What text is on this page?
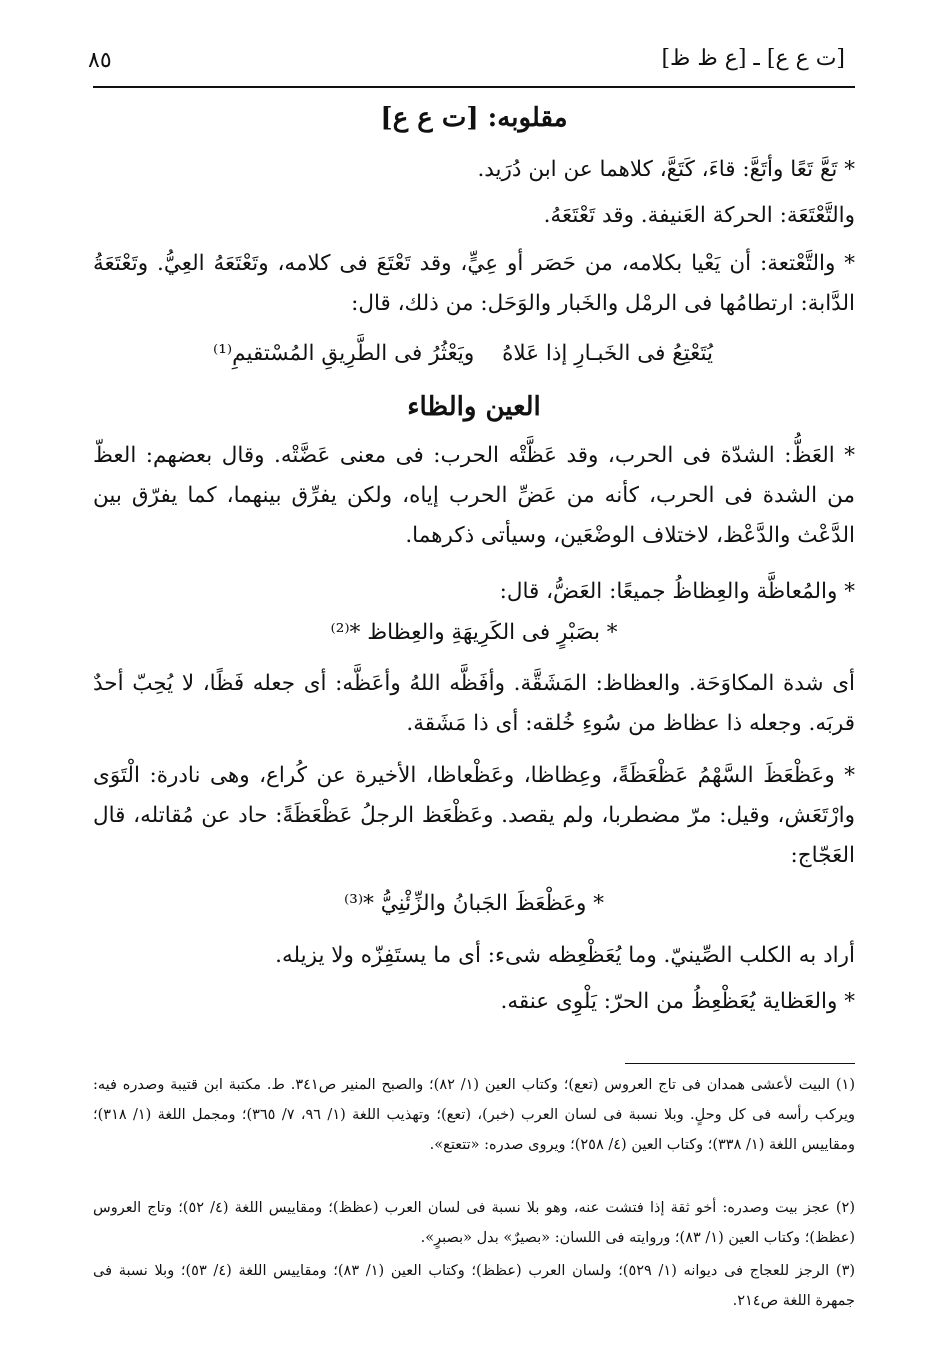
٨٥	[ت ع ع] ـ [ع ظ ظ]
مقلوبه: [ت ع ع]
* تَعَّ تَعًا وأتَعَّ: قاءَ، كَتَعَّ، كلاهما عن ابن دُرَيد.
والتَّعْتَعَة: الحركة العَنيفة. وقد تَعْتَعَهُ.
* والتَّعْتعة: أن يَعْيا بكلامه، من حَصَر أو عِيٍّ، وقد تَعْتَعَ فى كلامه، وتَعْتَعَهُ العِيُّ. وتَعْتَعَةُ الدَّابة: ارتطامُها فى الرمْل والخَبار والوَحَل: من ذلك، قال:
يُتَعْتِعُ فى الخَبـارِ إذا عَلاهُ
ويَعْثُرُ فى الطَّرِيقِ المُسْتقيمِ⁽¹⁾
العين والظاء
* العَظُّ: الشدّة فى الحرب، وقد عَظَّتْه الحرب: فى معنى عَضَّتْه. وقال بعضهم: العظّ من الشدة فى الحرب، كأنه من عَضِّ الحرب إياه، ولكن يفرِّق بينهما، كما يفرّق بين الدَّعْث والدَّعْظ، لاختلاف الوضْعَين، وسيأتى ذكرهما.
* والمُعاظَّة والعِظاظُ جميعًا: العَضُّ، قال:
* بصَبْرٍ فى الكَرِيهَةِ والعِظاظ *⁽²⁾
أى شدة المكاوَحَة. والعظاظ: المَشَقَّة. وأفَظَّه اللهُ وأعَظَّه: أى جعله فَظًا، لا يُحِبّ أحدٌ قربَه. وجعله ذا عظاظ من سُوءِ خُلقه: أى ذا مَشَقة.
* وعَظْعَظَ السَّهْمُ عَظْعَظَةً، وعِظاظا، وعَظْعاظا، الأخيرة عن كُراع، وهى نادرة: الْتَوَى وارْتَعَش، وقيل: مرّ مضطربا، ولم يقصد. وعَظْعَظ الرجلُ عَظْعَظَةً: حاد عن مُقاتله، قال العَجّاج:
* وعَظْعَظَ الجَبانُ والزِّئْنِيُّ *⁽³⁾
أراد به الكلب الصِّينيّ. وما يُعَظْعِظه شىء: أى ما يستَفِزّه ولا يزيله.
* والعَظاية يُعَظْعِظُ من الحرّ: يَلْوِى عنقه.
(١) البيت لأعشى همدان فى تاج العروس (تعع)؛ وكتاب العين (١/ ٨٢)؛ والصبح المنير ص٣٤١. ط. مكتبة ابن قتيبة وصدره فيه: ويركب رأسه فى كل وحلٍ. وبلا نسبة فى لسان العرب (خبر)، (تعع)؛ وتهذيب اللغة (١/ ٩٦، ٧/ ٣٦٥)؛ ومجمل اللغة (١/ ٣١٨)؛ ومقاييس اللغة (١/ ٣٣٨)؛ وكتاب العين (٤/ ٢٥٨)؛ ويروى صدره: «تتعتع».
(٢) عجز بيت وصدره: أخو ثقة إذا فتشت عنه، وهو بلا نسبة فى لسان العرب (عظظ)؛ ومقاييس اللغة (٤/ ٥٢)؛ وتاج العروس (عظظ)؛ وكتاب العين (١/ ٨٣)؛ وروايته فى اللسان: «بصيرٌ» بدل «بصبرٍ».
(٣) الرجز للعجاج فى ديوانه (١/ ٥٢٩)؛ ولسان العرب (عظظ)؛ وكتاب العين (١/ ٨٣)؛ ومقاييس اللغة (٤/ ٥٣)؛ وبلا نسبة فى جمهرة اللغة ص٢١٤.
